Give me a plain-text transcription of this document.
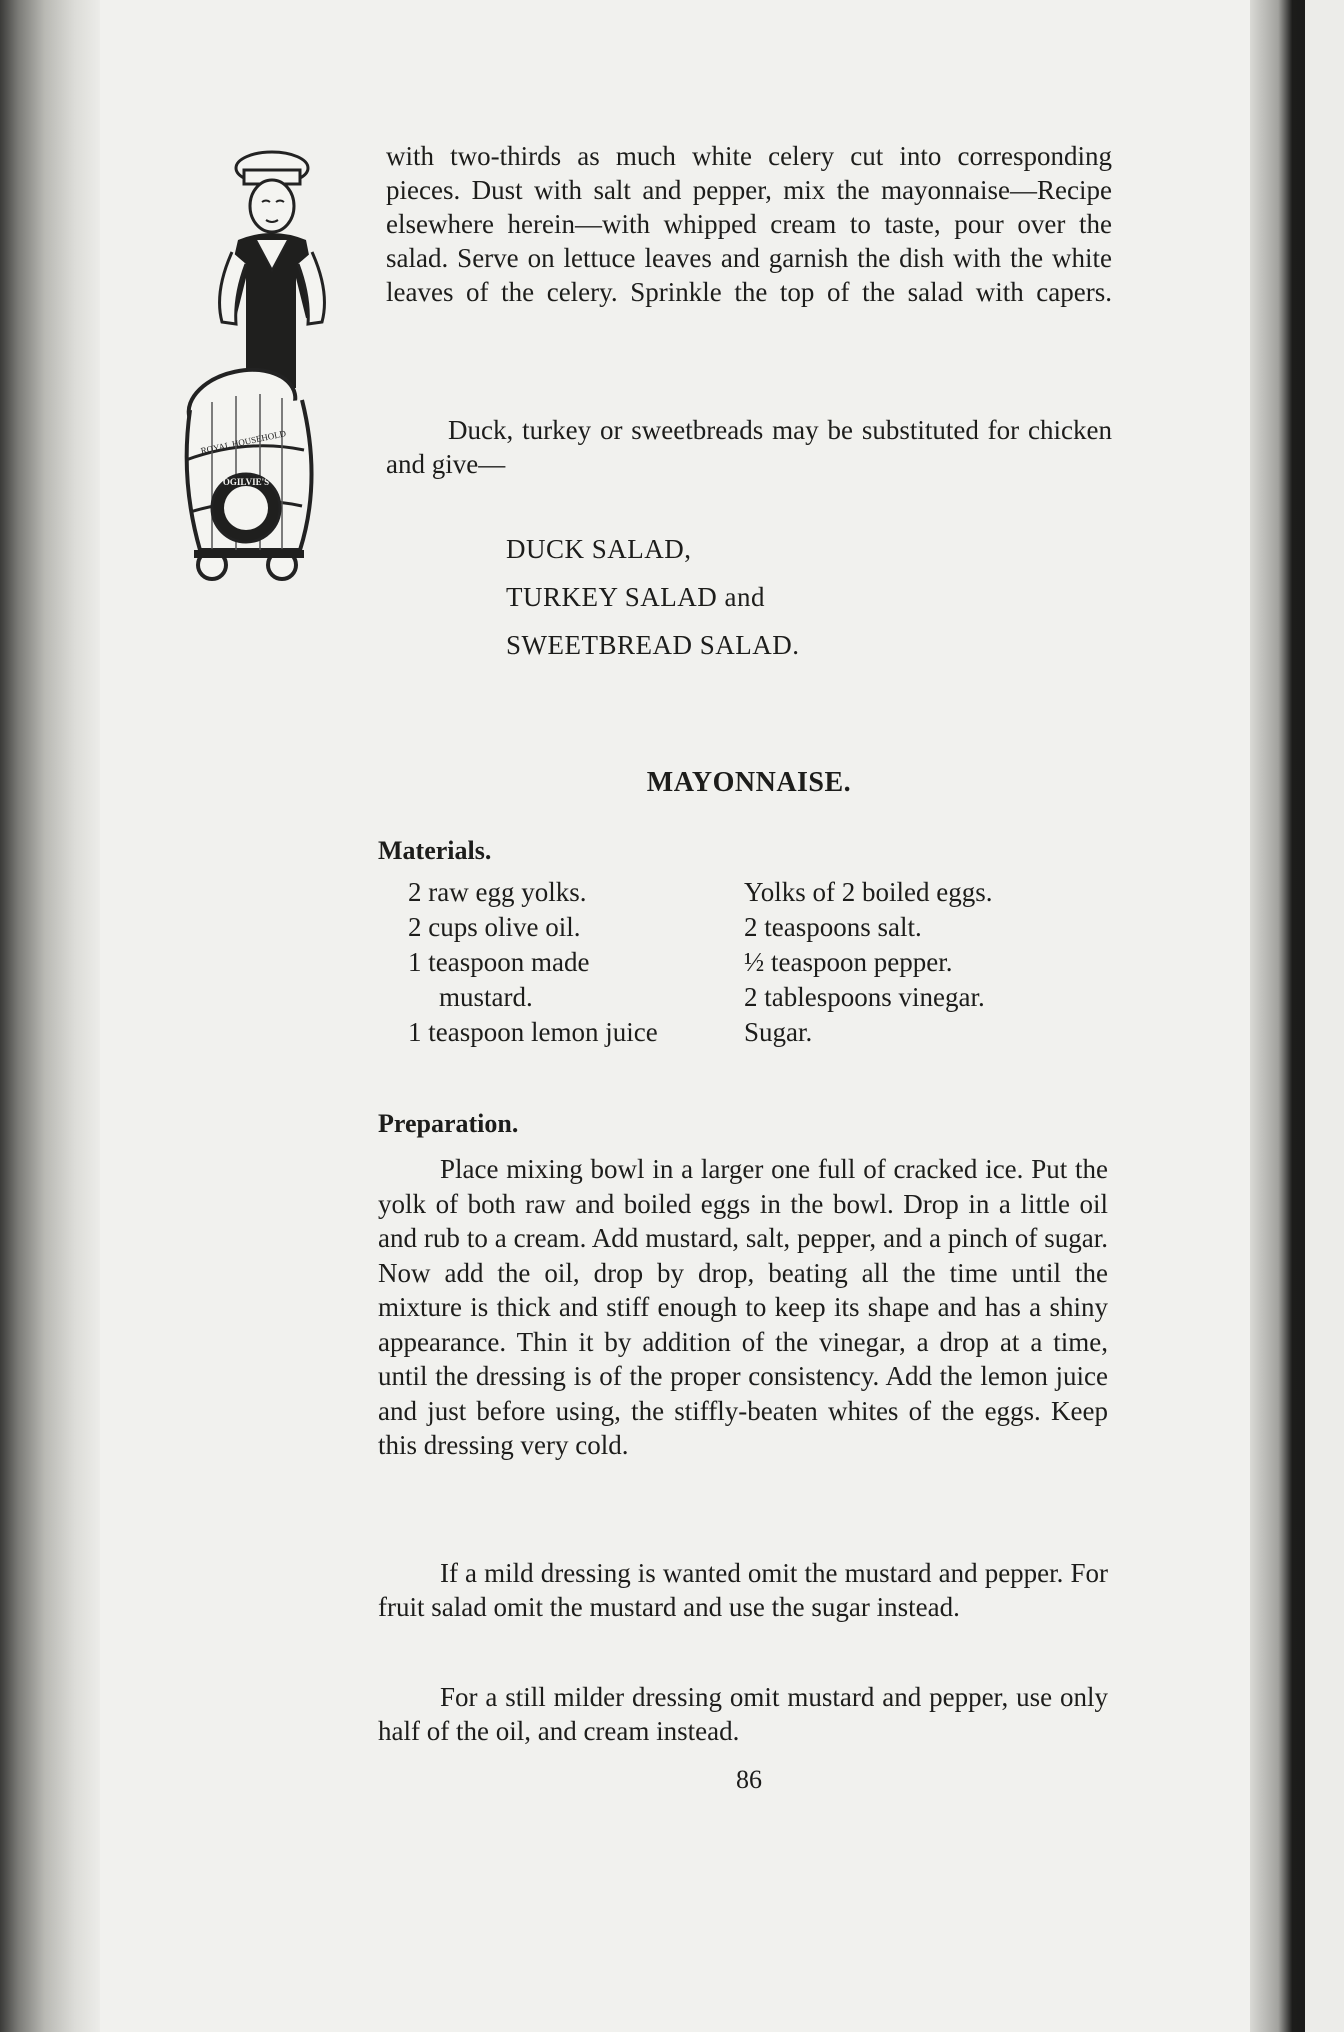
ROYAL HOUSEHOLD
OGILVIE'S
with two-thirds as much white celery cut into corresponding pieces. Dust with salt and pepper, mix the mayonnaise—Recipe elsewhere herein—with whipped cream to taste, pour over the salad. Serve on lettuce leaves and garnish the dish with the white leaves of the celery. Sprinkle the top of the salad with capers.
Duck, turkey or sweetbreads may be substituted for chicken and give—
DUCK SALAD,
TURKEY SALAD and
SWEETBREAD SALAD.
MAYONNAISE.
Materials.
2 raw egg yolks.
2 cups olive oil.
1 teaspoon made
mustard.
1 teaspoon lemon juice
Yolks of 2 boiled eggs.
2 teaspoons salt.
½ teaspoon pepper.
2 tablespoons vinegar.
Sugar.
Preparation.
Place mixing bowl in a larger one full of cracked ice. Put the yolk of both raw and boiled eggs in the bowl. Drop in a little oil and rub to a cream. Add mustard, salt, pepper, and a pinch of sugar. Now add the oil, drop by drop, beating all the time until the mixture is thick and stiff enough to keep its shape and has a shiny appearance. Thin it by addition of the vinegar, a drop at a time, until the dressing is of the proper consistency. Add the lemon juice and just before using, the stiffly-beaten whites of the eggs. Keep this dressing very cold.
If a mild dressing is wanted omit the mustard and pepper. For fruit salad omit the mustard and use the sugar instead.
For a still milder dressing omit mustard and pepper, use only half of the oil, and cream instead.
86
